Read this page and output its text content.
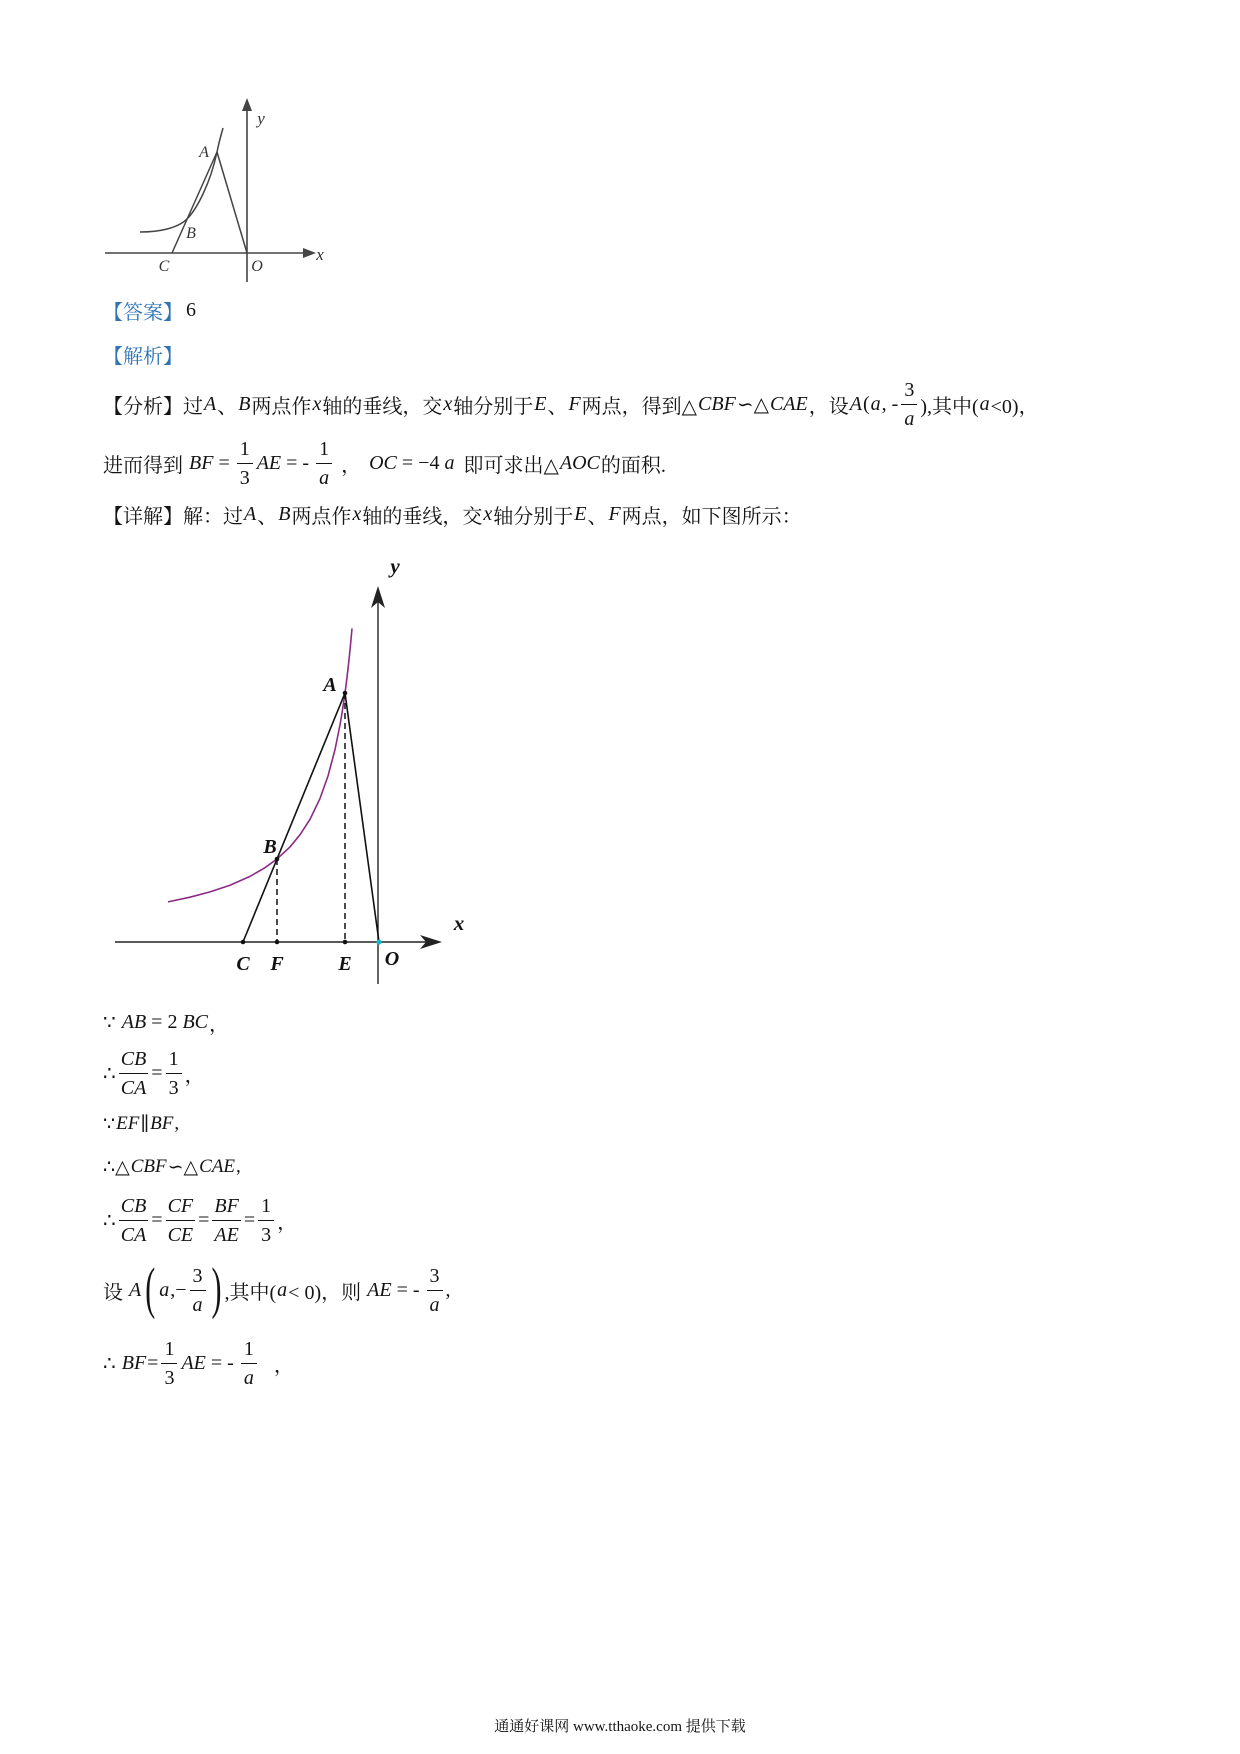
y
x
A
B
C	O
【答案】 6
【解析】
【分析】 过 A 、 B 两点作 x 轴的垂线，交 x 轴分别于 E 、 F 两点，得到△ CBF ∽△ CAE ，设 A ( a , - $\frac{3}{a}$ ),其中( a <0)，
进而得到 BF = $\frac{1}{3}$ AE = - $\frac{1}{a}$ ， OC = −4 a 即可求出△ AOC 的面积.
【详解】 解：过 A 、 B 两点作 x 轴的垂线，交 x 轴分别于 E 、 F 两点，如下图所示：
y
x
A
B
C F	E O
∵ AB = 2 BC ，
∴ $\frac{CB}{CA} = \frac{1}{3}$ ，
∵ EF ∥ BF ,
∴△ CBF ∽△ CAE ,
∴ $\frac{CB}{CA} = \frac{CF}{CE} = \frac{BF}{AE} = \frac{1}{3}$ ，
设 A ( a ,− $\frac{3}{a}$ ) ,其中( a < 0)，则 AE = - $\frac{3}{a}$ ,
∴ BF = $\frac{1}{3}$ AE = - $\frac{1}{a}$ ，
通通好课网 www.tthaoke.com 提供下载
